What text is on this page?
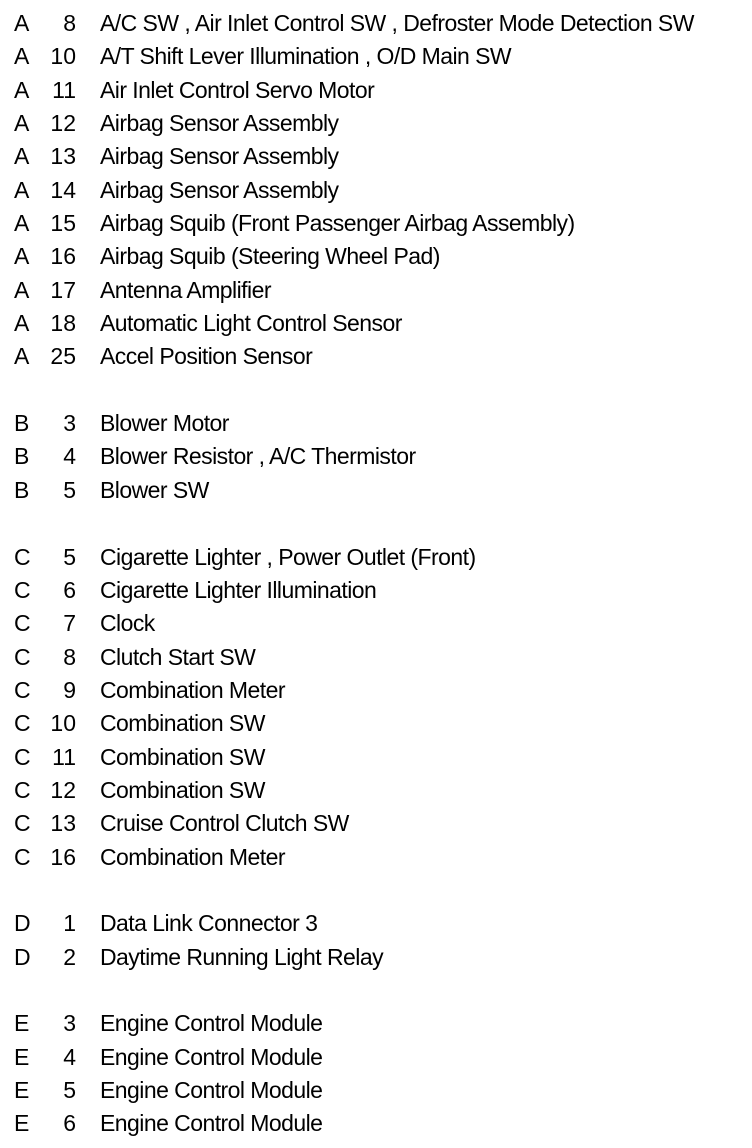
A	8 A/C SW , Air Inlet Control SW , Defroster Mode Detection SW
A 10 A/T Shift Lever Illumination , O/D Main SW
A 11 Air Inlet Control Servo Motor
A 12 Airbag Sensor Assembly
A 13 Airbag Sensor Assembly
A 14 Airbag Sensor Assembly
A 15 Airbag Squib (Front Passenger Airbag Assembly)
A 16 Airbag Squib (Steering Wheel Pad)
A 17 Antenna Amplifier
A 18 Automatic Light Control Sensor
A 25 Accel Position Sensor
B	3 Blower Motor
B	4 Blower Resistor , A/C Thermistor
B	5 Blower SW
C	5 Cigarette Lighter , Power Outlet (Front)
C	6 Cigarette Lighter Illumination
C	7 Clock
C	8 Clutch Start SW
C	9 Combination Meter
C 10 Combination SW
C 11 Combination SW
C 12 Combination SW
C 13 Cruise Control Clutch SW
C 16 Combination Meter
D	1 Data Link Connector 3
D	2 Daytime Running Light Relay
E	3 Engine Control Module
E	4 Engine Control Module
E	5 Engine Control Module
E	6 Engine Control Module
